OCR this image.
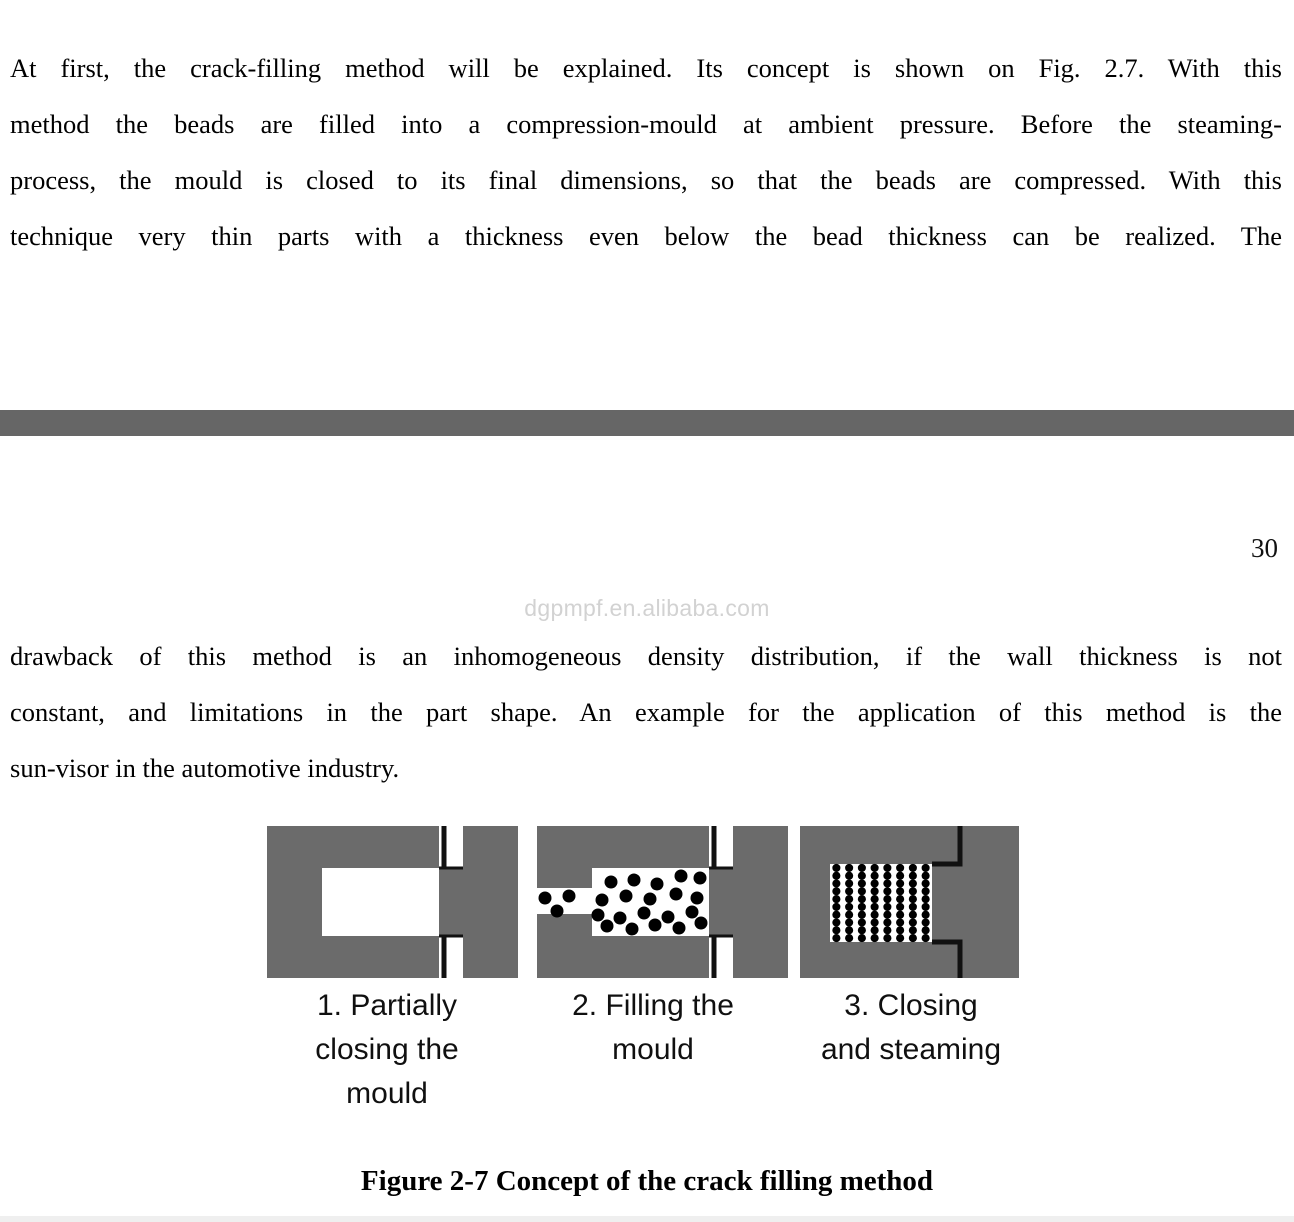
At first, the crack-filling method will be explained. Its concept is shown on Fig. 2.7. With this
method the beads are filled into a compression-mould at ambient pressure. Before the steaming-
process, the mould is closed to its final dimensions, so that the beads are compressed. With this
technique very thin parts with a thickness even below the bead thickness can be realized. The
30
dgpmpf.en.alibaba.com
drawback of this method is an inhomogeneous density distribution, if the wall thickness is not
constant, and limitations in the part shape. An example for the application of this method is the
sun-visor in the automotive industry.
1. Partially
closing the
mould
2. Filling the
mould
3. Closing
and steaming
Figure 2-7 Concept of the crack filling method
